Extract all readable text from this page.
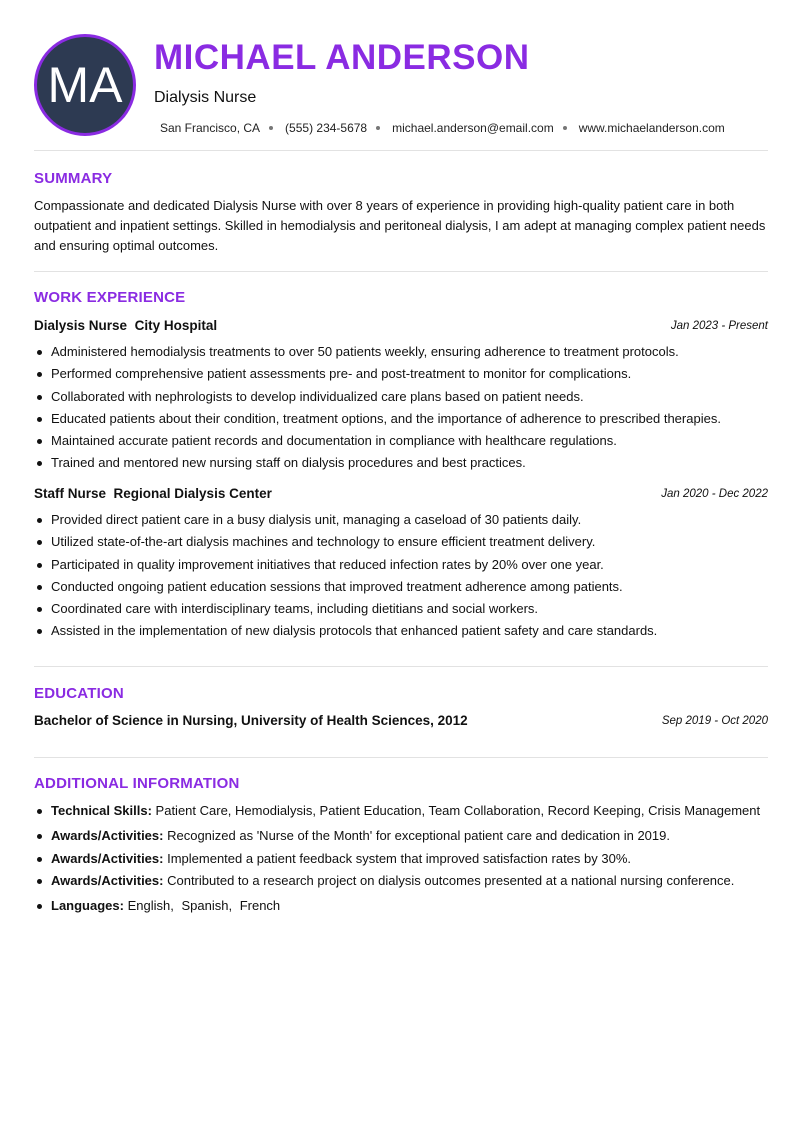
MA MICHAEL ANDERSON
Dialysis Nurse
San Francisco, CA (555) 234-5678 michael.anderson@email.com www.michaelanderson.com
SUMMARY
Compassionate and dedicated Dialysis Nurse with over 8 years of experience in providing high-quality patient care in both outpatient and inpatient settings. Skilled in hemodialysis and peritoneal dialysis, I am adept at managing complex patient needs and ensuring optimal outcomes.
WORK EXPERIENCE
Dialysis Nurse City Hospital	Jan 2023 - Present
Administered hemodialysis treatments to over 50 patients weekly, ensuring adherence to treatment protocols.
Performed comprehensive patient assessments pre- and post-treatment to monitor for complications.
Collaborated with nephrologists to develop individualized care plans based on patient needs.
Educated patients about their condition, treatment options, and the importance of adherence to prescribed therapies.
Maintained accurate patient records and documentation in compliance with healthcare regulations.
Trained and mentored new nursing staff on dialysis procedures and best practices.
Staff Nurse Regional Dialysis Center	Jan 2020 - Dec 2022
Provided direct patient care in a busy dialysis unit, managing a caseload of 30 patients daily.
Utilized state-of-the-art dialysis machines and technology to ensure efficient treatment delivery.
Participated in quality improvement initiatives that reduced infection rates by 20% over one year.
Conducted ongoing patient education sessions that improved treatment adherence among patients.
Coordinated care with interdisciplinary teams, including dietitians and social workers.
Assisted in the implementation of new dialysis protocols that enhanced patient safety and care standards.
EDUCATION
Bachelor of Science in Nursing, University of Health Sciences, 2012	Sep 2019 - Oct 2020
ADDITIONAL INFORMATION
Technical Skills: Patient Care, Hemodialysis, Patient Education, Team Collaboration, Record Keeping, Crisis Management
Awards/Activities: Recognized as 'Nurse of the Month' for exceptional patient care and dedication in 2019.
Awards/Activities: Implemented a patient feedback system that improved satisfaction rates by 30%.
Awards/Activities: Contributed to a research project on dialysis outcomes presented at a national nursing conference.
Languages: English, Spanish, French
